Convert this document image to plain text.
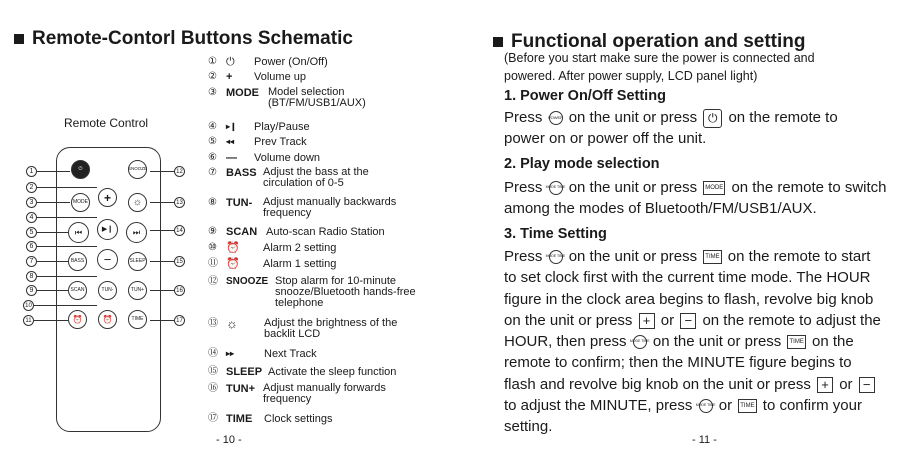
Remote-Contorl Buttons Schematic
Remote Control
⏻	SNOOZE
+
MODE	☼
▶❙
⏮	⏭
−
BASS	SLEEP
SCAN	TUN-	TUN+
⏰	⏰	TIME
1
2
3
4
5
6
7
8
9
10
11
12
13
14
15
16
17
① ⏻	Power (On/Off)
② +	Volume up
③ MODE Model selection
(BT/FM/USB1/AUX)
④	▸❙	Play/Pause
⑤	◂◂	Prev Track
⑥ —	Volume down
⑦ BASS Adjust the bass at the
circulation of 0-5
⑧ TUN- Adjust manually backwards
frequency
⑨ SCAN Auto-scan Radio Station
⑩ ⏰	Alarm 2 setting
⑪ ⏰	Alarm 1 setting
⑫ SNOOZE Stop alarm for 10-minute
snooze/Bluetooth hands-free
telephone
⑬ ☼	Adjust the brightness of the
backlit LCD
⑭	▸▸	Next Track
⑮ SLEEP Activate the sleep function
⑯ TUN+ Adjust manually forwards
frequency
⑰ TIME	Clock settings
- 10 -
Functional operation and setting
(Before you start make sure the power is connected and
powered. After power supply, LCD panel light)
1. Power On/Off Setting
Press POWER on the unit or press ⏻ on the remote to
power on or power off the unit.
2. Play mode selection
Press MODE TIME on the unit or press MODE on the remote to switch
among the modes of Bluetooth/FM/USB1/AUX.
3. Time Setting
Press MODE TIME on the unit or press TIME on the remote to start
to set clock first with the current time mode. The HOUR
figure in the clock area begins to flash, revolve big knob
on the unit or press + or − on the remote to adjust the
HOUR, then press MODE TIME on the unit or press TIME on the
remote to confirm; then the MINUTE figure begins to
flash and revolve big knob on the unit or press + or −
to adjust the MINUTE, press MODE TIME or TIME to confirm your
setting.
- 11 -
